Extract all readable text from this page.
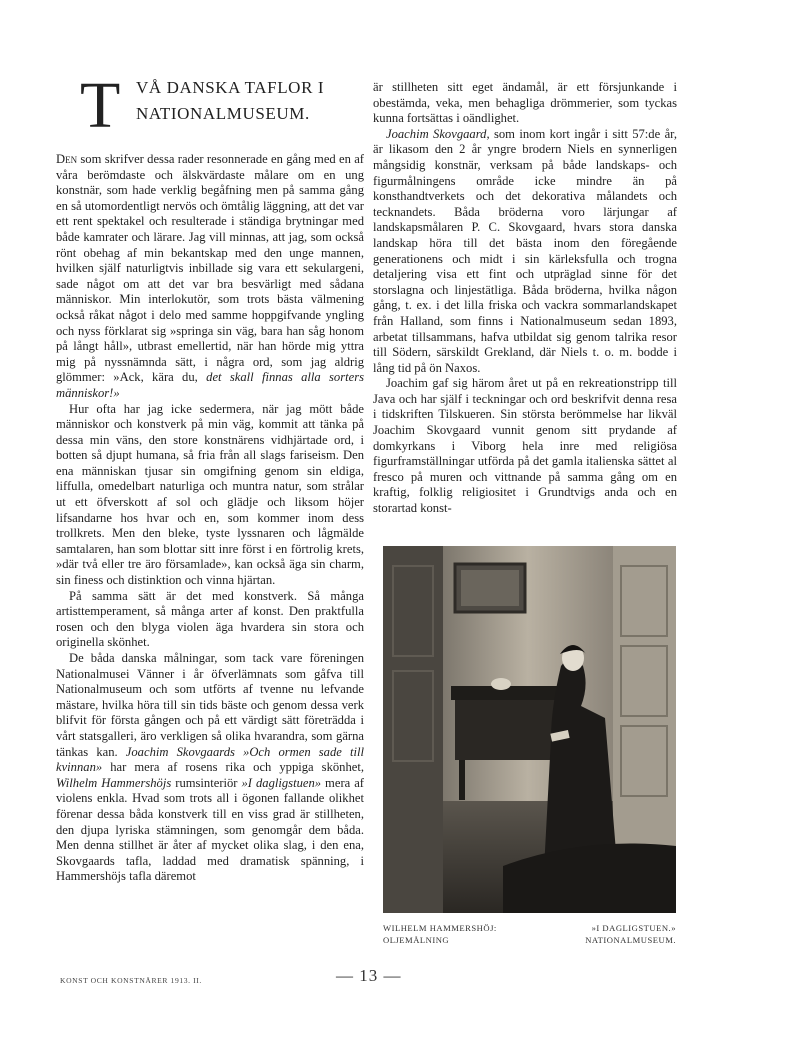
T VÅ DANSKA TAFLOR I
NATIONALMUSEUM.

Den som skrifver dessa rader resonnerade en gång med en af våra berömdaste och älskvärdaste målare om en ung konstnär, som hade verklig begåfning men på samma gång en så utomordentligt nervös och ömtålig läggning, att det var ett rent spektakel och resulterade i ständiga brytningar med både kamrater och lärare. Jag vill minnas, att jag, som också rönt obehag af min bekantskap med den unge mannen, hvilken själf naturligtvis inbillade sig vara ett sekulargeni, sade något om att det var bra besvärligt med sådana människor. Min interlokutör, som trots bästa välmening också råkat något i delo med samme hoppgifvande yngling och nyss förklarat sig »springa sin väg, bara han såg honom på långt håll», utbrast emellertid, när han hörde mig yttra mig på nyssnämnda sätt, i några ord, som jag aldrig glömmer: »Ack, kära du, det skall finnas alla sorters människor!»

Hur ofta har jag icke sedermera, när jag mött både människor och konstverk på min väg, kommit att tänka på dessa min väns, den store konstnärens vidhjärtade ord, i botten så djupt humana, så fria från all slags fariseism. Den ena människan tjusar sin omgifning genom sin eldiga, liffulla, omedelbart naturliga och muntra natur, som strålar ut ett öfverskott af sol och glädje och liksom höjer lifsandarne hos hvar och en, som kommer inom dess trollkrets. Men den bleke, tyste lyssnaren och lågmälde samtalaren, han som blottar sitt inre först i en förtrolig krets, »där två eller tre äro församlade», kan också äga sin charm, sin finess och distinktion och vinna hjärtan.

På samma sätt är det med konstverk. Så många artisttemperament, så många arter af konst. Den praktfulla rosen och den blyga violen äga hvardera sin stora och originella skönhet.

De båda danska målningar, som tack vare föreningen Nationalmusei Vänner i år öfverlämnats som gåfva till Nationalmuseum och som utförts af tvenne nu lefvande mästare, hvilka höra till sin tids bäste och genom dessa verk blifvit för första gången och på ett värdigt sätt företrädda i vårt statsgalleri, äro verkligen så olika hvarandra, som gärna tänkas kan. Joachim Skovgaards »Och ormen sade till kvinnan» har mera af rosens rika och yppiga skönhet, Wilhelm Hammershöjs rumsinteriör »I dagligstuen» mera af violens enkla. Hvad som trots all i ögonen fallande olikhet förenar dessa båda konstverk till en viss grad är stillheten, den djupa lyriska stämningen, som genomgår dem båda. Men denna stillhet är åter af mycket olika slag, i den ena, Skovgaards tafla, laddad med dramatisk spänning, i Hammershöjs tafla däremot

är stillheten sitt eget ändamål, är ett försjunkande i obestämda, veka, men behagliga drömmerier, som tyckas kunna fortsättas i oändlighet.

Joachim Skovgaard, som inom kort ingår i sitt 57:de år, är likasom den 2 år yngre brodern Niels en synnerligen mångsidig konstnär, verksam på både landskaps- och figurmålningens område icke mindre än på konsthandtverkets och det dekorativa målandets och tecknandets. Båda bröderna voro lärjungar af landskapsmålaren P. C. Skovgaard, hvars stora danska landskap höra till det bästa inom den föregående generationens och midt i sin kärleksfulla och trogna detaljering visa ett fint och utpräglad sinne för det storslagna och linjestätliga. Båda bröderna, hvilka någon gång, t. ex. i det lilla friska och vackra sommarlandskapet från Halland, som finns i Nationalmuseum sedan 1893, arbetat tillsammans, hafva utbildat sig genom talrika resor till Södern, särskildt Grekland, där Niels t. o. m. bodde i lång tid på ön Naxos.

Joachim gaf sig härom året ut på en rekreationstripp till Java och har själf i teckningar och ord beskrifvit denna resa i tidskriften Tilskueren. Sin största berömmelse har likväl Joachim Skovgaard vunnit genom sitt prydande af domkyrkans i Viborg hela inre med religiösa figurframställningar utförda på det gamla italienska sättet al fresco på muren och vittnande på samma gång om en kraftig, folklig religiositet i Grundtvigs anda och en storartad konst-

WILHELM HAMMERSHÖJ:	»I DAGLIGSTUEN.»
OLJEMÅLNING	NATIONALMUSEUM.
KONST OCH KONSTNÄRER 1913. II.	— 13 —
